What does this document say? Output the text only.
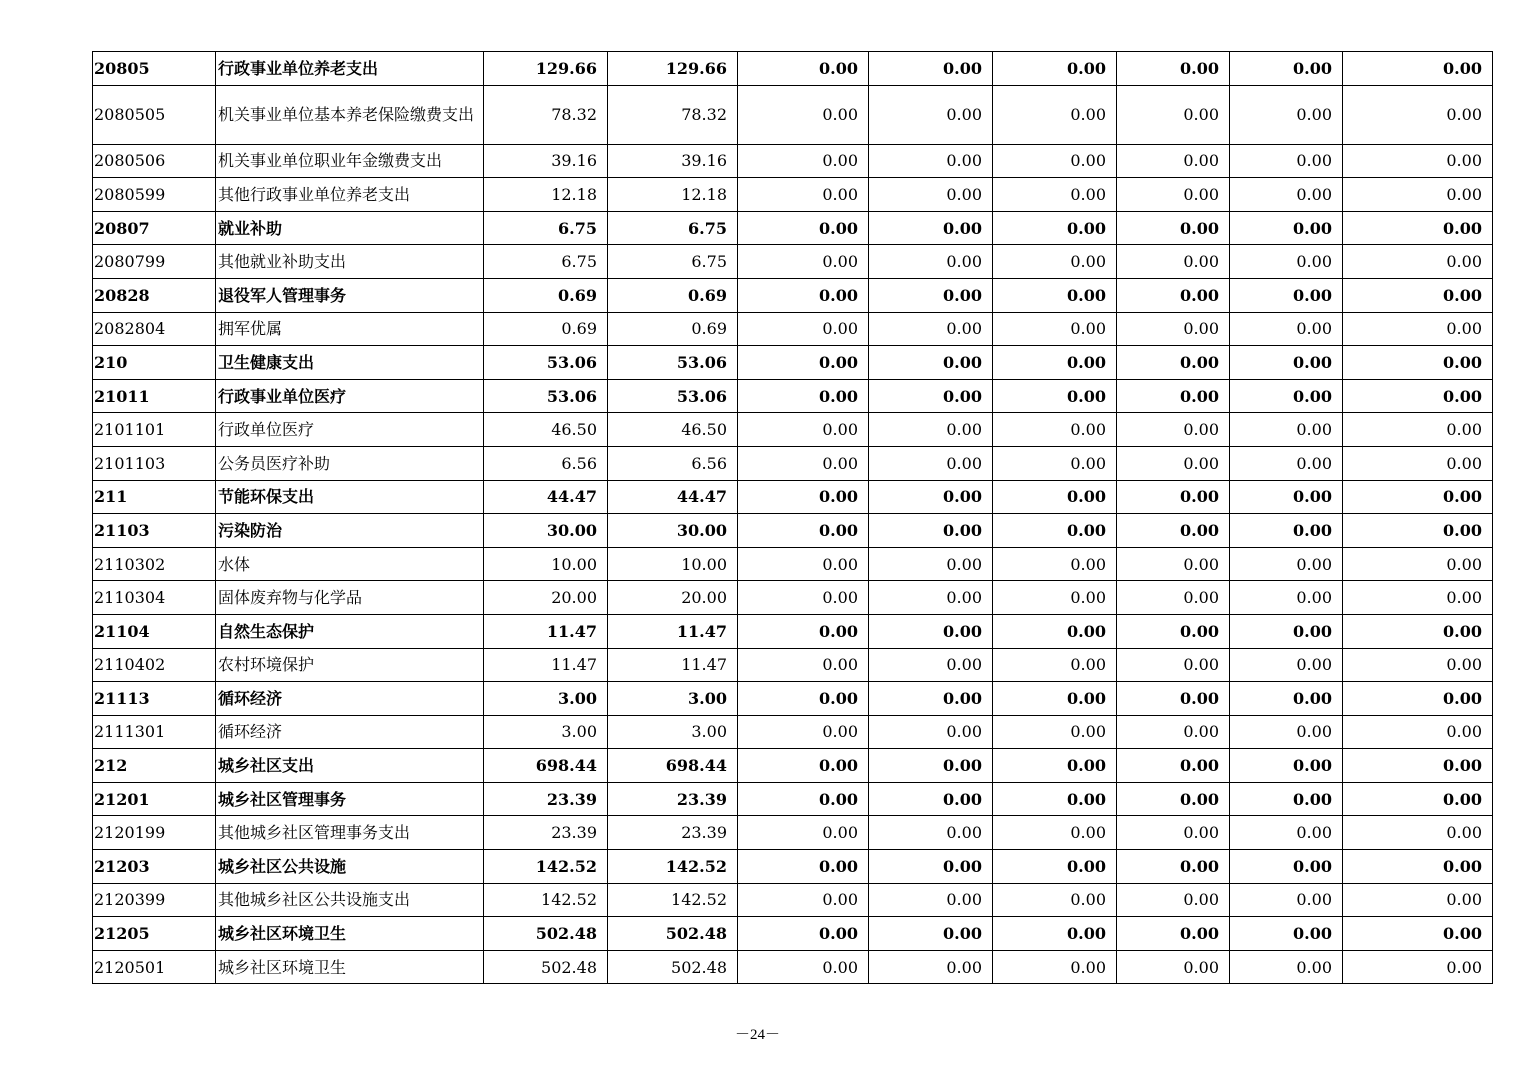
20805	行政事业单位养老支出	129.66	129.66	0.00	0.00	0.00	0.00	0.00	0.00
2080505	机关事业单位基本养老保险缴费支出	78.32	78.32	0.00	0.00	0.00	0.00	0.00	0.00
2080506	机关事业单位职业年金缴费支出	39.16	39.16	0.00	0.00	0.00	0.00	0.00	0.00
2080599	其他行政事业单位养老支出	12.18	12.18	0.00	0.00	0.00	0.00	0.00	0.00
20807	就业补助	6.75	6.75	0.00	0.00	0.00	0.00	0.00	0.00
2080799	其他就业补助支出	6.75	6.75	0.00	0.00	0.00	0.00	0.00	0.00
20828	退役军人管理事务	0.69	0.69	0.00	0.00	0.00	0.00	0.00	0.00
2082804	拥军优属	0.69	0.69	0.00	0.00	0.00	0.00	0.00	0.00
210	卫生健康支出	53.06	53.06	0.00	0.00	0.00	0.00	0.00	0.00
21011	行政事业单位医疗	53.06	53.06	0.00	0.00	0.00	0.00	0.00	0.00
2101101	行政单位医疗	46.50	46.50	0.00	0.00	0.00	0.00	0.00	0.00
2101103	公务员医疗补助	6.56	6.56	0.00	0.00	0.00	0.00	0.00	0.00
211	节能环保支出	44.47	44.47	0.00	0.00	0.00	0.00	0.00	0.00
21103	污染防治	30.00	30.00	0.00	0.00	0.00	0.00	0.00	0.00
2110302	水体	10.00	10.00	0.00	0.00	0.00	0.00	0.00	0.00
2110304	固体废弃物与化学品	20.00	20.00	0.00	0.00	0.00	0.00	0.00	0.00
21104	自然生态保护	11.47	11.47	0.00	0.00	0.00	0.00	0.00	0.00
2110402	农村环境保护	11.47	11.47	0.00	0.00	0.00	0.00	0.00	0.00
21113	循环经济	3.00	3.00	0.00	0.00	0.00	0.00	0.00	0.00
2111301	循环经济	3.00	3.00	0.00	0.00	0.00	0.00	0.00	0.00
212	城乡社区支出	698.44	698.44	0.00	0.00	0.00	0.00	0.00	0.00
21201	城乡社区管理事务	23.39	23.39	0.00	0.00	0.00	0.00	0.00	0.00
2120199	其他城乡社区管理事务支出	23.39	23.39	0.00	0.00	0.00	0.00	0.00	0.00
21203	城乡社区公共设施	142.52	142.52	0.00	0.00	0.00	0.00	0.00	0.00
2120399	其他城乡社区公共设施支出	142.52	142.52	0.00	0.00	0.00	0.00	0.00	0.00
21205	城乡社区环境卫生	502.48	502.48	0.00	0.00	0.00	0.00	0.00	0.00
2120501	城乡社区环境卫生	502.48	502.48	0.00	0.00	0.00	0.00	0.00	0.00
－24－
